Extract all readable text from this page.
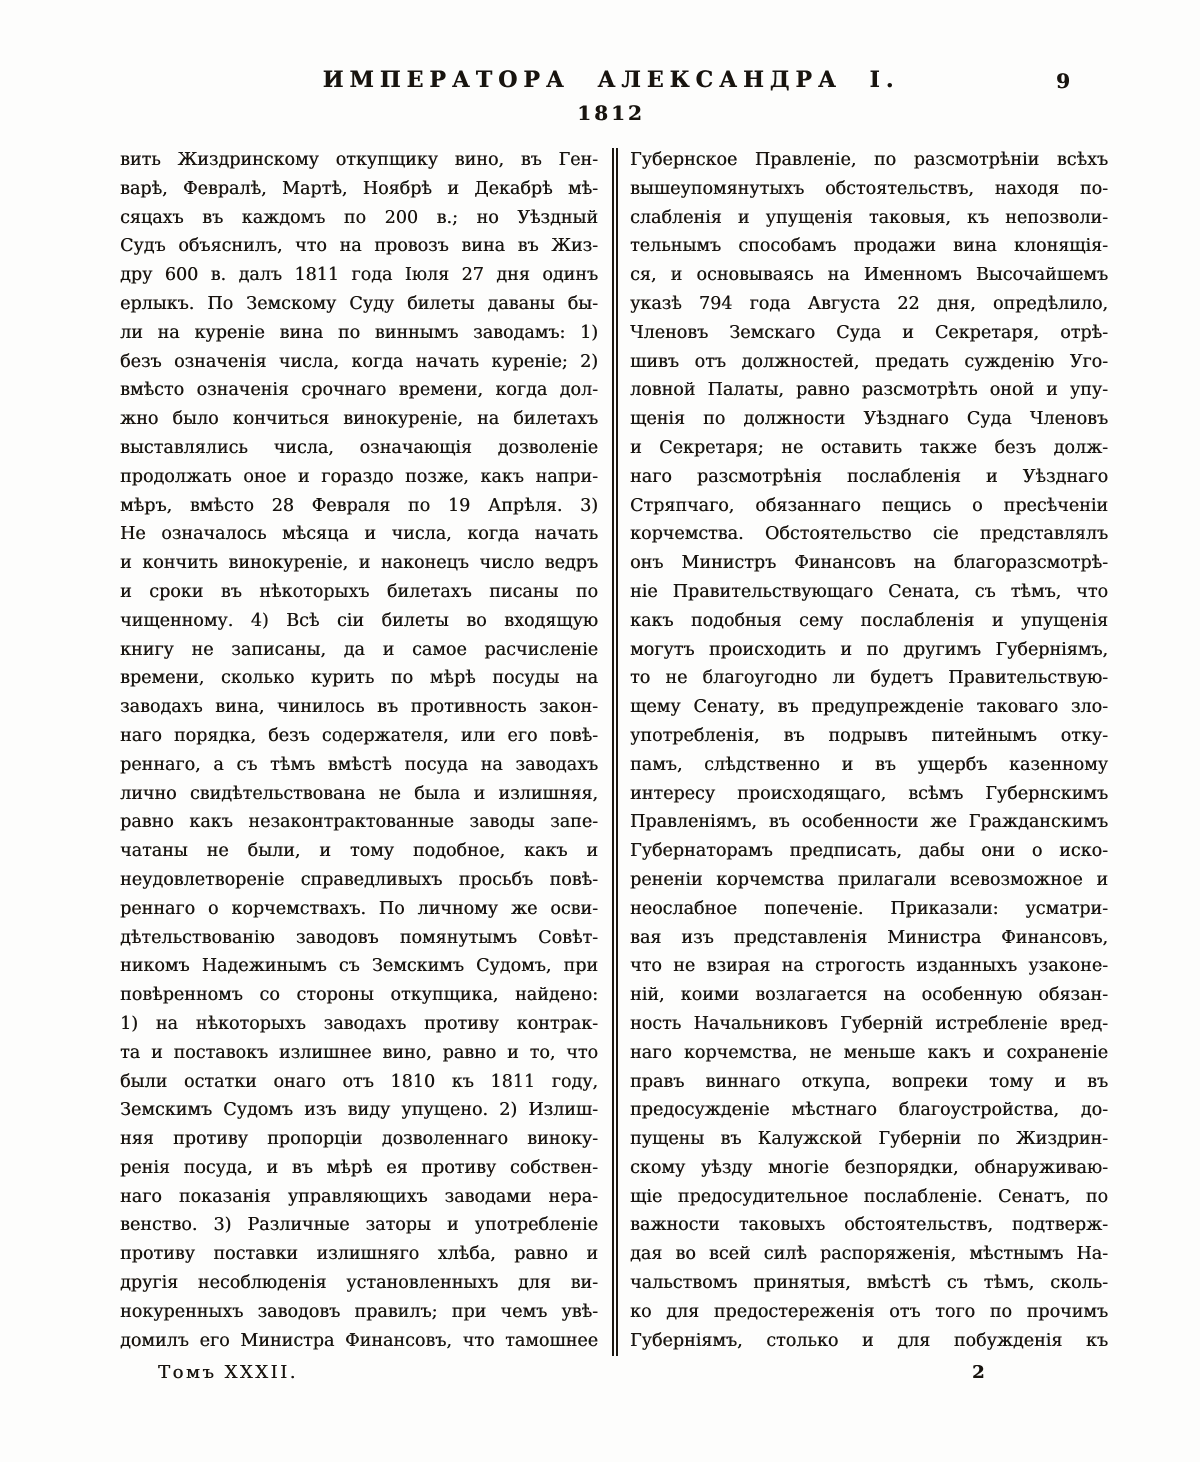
ИМПЕРАТОРА АЛЕКСАНДРА I.	9
1812
вить Жиздринскому откупщику вино, въ Ген-
варѣ, Февралѣ, Мартѣ, Ноябрѣ и Декабрѣ мѣ-
сяцахъ въ каждомъ по 200 в.; но Уѣздный
Судъ объяснилъ, что на провозъ вина въ Жиз-
дру 600 в. далъ 1811 года Іюля 27 дня одинъ
ерлыкъ. По Земскому Суду билеты даваны бы-
ли на куреніе вина по виннымъ заводамъ: 1)
безъ означенія числа, когда начать куреніе; 2)
вмѣсто означенія срочнаго времени, когда дол-
жно было кончиться винокуреніе, на билетахъ
выставлялись числа, означающія дозволеніе
продолжать оное и гораздо позже, какъ напри-
мѣръ, вмѣсто 28 Февраля по 19 Апрѣля. 3)
Не означалось мѣсяца и числа, когда начать
и кончить винокуреніе, и наконецъ число ведръ
и сроки въ нѣкоторыхъ билетахъ писаны по
чищенному. 4) Всѣ сіи билеты во входящую
книгу не записаны, да и самое расчисленіе
времени, сколько курить по мѣрѣ посуды на
заводахъ вина, чинилось въ противность закон-
наго порядка, безъ содержателя, или его повѣ-
реннаго, а съ тѣмъ вмѣстѣ посуда на заводахъ
лично свидѣтельствована не была и излишняя,
равно какъ незаконтрактованные заводы запе-
чатаны не были, и тому подобное, какъ и
неудовлетвореніе справедливыхъ просьбъ повѣ-
реннаго о корчемствахъ. По личному же осви-
дѣтельствованію заводовъ помянутымъ Совѣт-
никомъ Надежинымъ съ Земскимъ Судомъ, при
повѣренномъ со стороны откупщика, найдено:
1) на нѣкоторыхъ заводахъ противу контрак-
та и поставокъ излишнее вино, равно и то, что
были остатки онаго отъ 1810 къ 1811 году,
Земскимъ Судомъ изъ виду упущено. 2) Излиш-
няя противу пропорціи дозволеннаго виноку-
ренія посуда, и въ мѣрѣ ея противу собствен-
наго показанія управляющихъ заводами нера-
венство. 3) Различные заторы и употребленіе
противу поставки излишняго хлѣба, равно и
другія несоблюденія установленныхъ для ви-
нокуренныхъ заводовъ правилъ; при чемъ увѣ-
домилъ его Министра Финансовъ, что тамошнее
Губернское Правленіе, по разсмотрѣніи всѣхъ
вышеупомянутыхъ обстоятельствъ, находя по-
слабленія и упущенія таковыя, къ непозволи-
тельнымъ способамъ продажи вина клонящія-
ся, и основываясь на Именномъ Высочайшемъ
указѣ 794 года Августа 22 дня, опредѣлило,
Членовъ Земскаго Суда и Секретаря, отрѣ-
шивъ отъ должностей, предать сужденію Уго-
ловной Палаты, равно разсмотрѣть оной и упу-
щенія по должности Уѣзднаго Суда Членовъ
и Секретаря; не оставить также безъ долж-
наго разсмотрѣнія послабленія и Уѣзднаго
Стряпчаго, обязаннаго пещись о пресѣченіи
корчемства. Обстоятельство сіе представлялъ
онъ Министръ Финансовъ на благоразсмотрѣ-
ніе Правительствующаго Сената, съ тѣмъ, что
какъ подобныя сему послабленія и упущенія
могутъ происходить и по другимъ Губерніямъ,
то не благоугодно ли будетъ Правительствую-
щему Сенату, въ предупрежденіе таковаго зло-
употребленія, въ подрывъ питейнымъ отку-
памъ, слѣдственно и въ ущербъ казенному
интересу происходящаго, всѣмъ Губернскимъ
Правленіямъ, въ особенности же Гражданскимъ
Губернаторамъ предписать, дабы они о иско-
рененіи корчемства прилагали всевозможное и
неослабное попеченіе. Приказали: усматри-
вая изъ представленія Министра Финансовъ,
что не взирая на строгость изданныхъ узаконе-
ній, коими возлагается на особенную обязан-
ность Начальниковъ Губерній истребленіе вред-
наго корчемства, не меньше какъ и сохраненіе
правъ виннаго откупа, вопреки тому и въ
предосужденіе мѣстнаго благоустройства, до-
пущены въ Калужской Губерніи по Жиздрин-
скому уѣзду многіе безпорядки, обнаруживаю-
щіе предосудительное послабленіе. Сенатъ, по
важности таковыхъ обстоятельствъ, подтверж-
дая во всей силѣ распоряженія, мѣстнымъ На-
чальствомъ принятыя, вмѣстѣ съ тѣмъ, сколь-
ко для предостереженія отъ того по прочимъ
Губерніямъ, столько и для побужденія къ
Томъ XXXII.	2
